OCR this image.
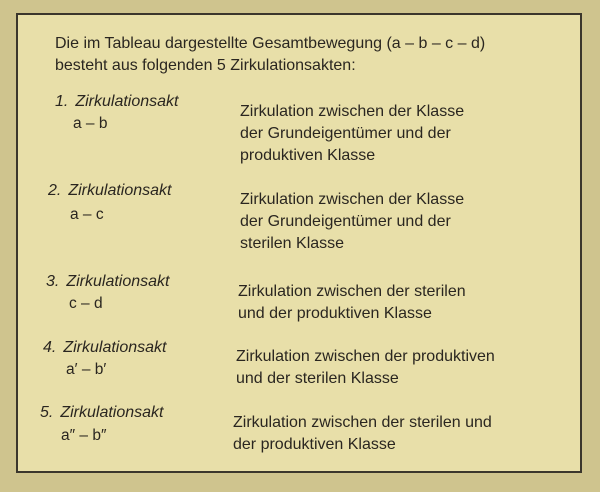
Die im Tableau dargestellte Gesamtbewegung (a – b – c – d)
besteht aus folgenden 5 Zirkulationsakten:
1. Zirkulationsakt
a – b
Zirkulation zwischen der Klasse
der Grundeigentümer und der
produktiven Klasse
2. Zirkulationsakt
a – c
Zirkulation zwischen der Klasse
der Grundeigentümer und der
sterilen Klasse
3. Zirkulationsakt
c – d
Zirkulation zwischen der sterilen
und der produktiven Klasse
4. Zirkulationsakt
a′ – b′
Zirkulation zwischen der produktiven
und der sterilen Klasse
5. Zirkulationsakt
a″ – b″
Zirkulation zwischen der sterilen und
der produktiven Klasse
